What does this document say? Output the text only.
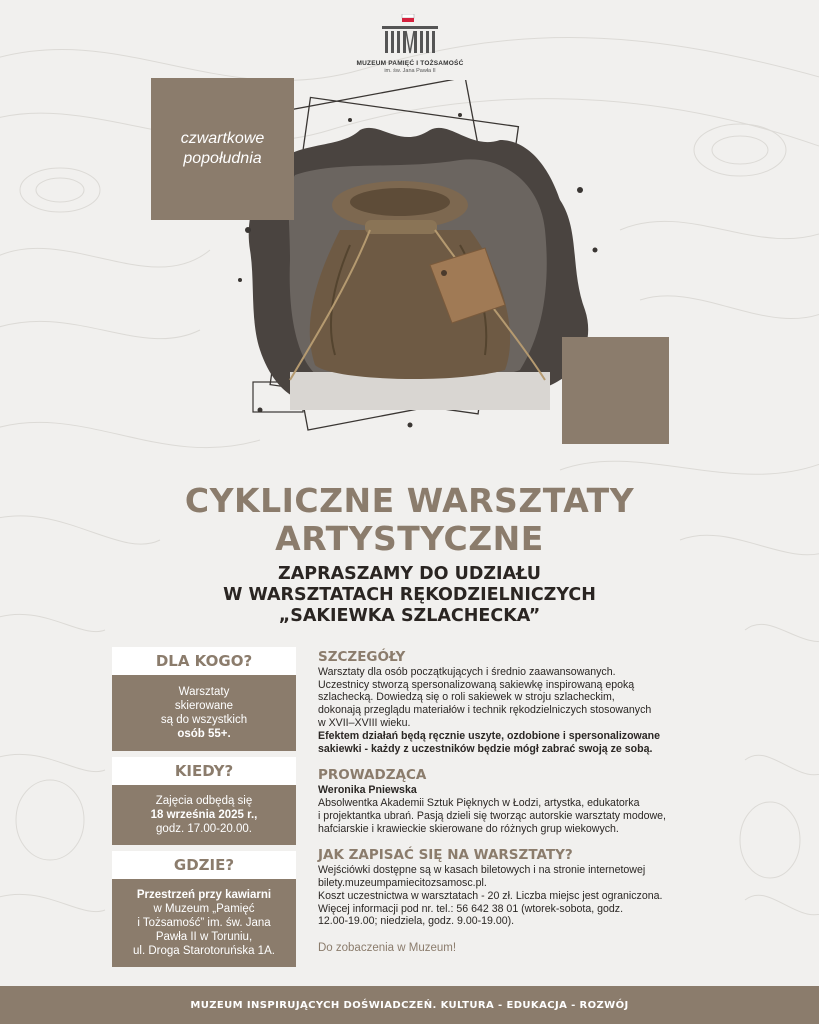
MUZEUM PAMIĘĆ I TOŻSAMOŚĆ
im. św. Jana Pawła II
czwartkowe
popołudnia
CYKLICZNE WARSZTATY
ARTYSTYCZNE
ZAPRASZAMY DO UDZIAŁU
W WARSZTATACH RĘKODZIELNICZYCH
„SAKIEWKA SZLACHECKA”
DLA KOGO?
Warsztaty
skierowane
są do wszystkich
osób 55+.
KIEDY?
Zajęcia odbędą się
18 września 2025 r.,
godz. 17.00-20.00.
GDZIE?
Przestrzeń przy kawiarni
w Muzeum „Pamięć
i Tożsamość” im. św. Jana
Pawła II w Toruniu,
ul. Droga Starotoruńska 1A.
SZCZEGÓŁY
Warsztaty dla osób początkujących i średnio zaawansowanych.
Uczestnicy stworzą spersonalizowaną sakiewkę inspirowaną epoką
szlachecką. Dowiedzą się o roli sakiewek w stroju szlacheckim,
dokonają przeglądu materiałów i technik rękodzielniczych stosowanych
w XVII–XVIII wieku.
Efektem działań będą ręcznie uszyte, ozdobione i spersonalizowane
sakiewki - każdy z uczestników będzie mógł zabrać swoją ze sobą.
PROWADZĄCA
Weronika Pniewska
Absolwentka Akademii Sztuk Pięknych w Łodzi, artystka, edukatorka
i projektantka ubrań. Pasją dzieli się tworząc autorskie warsztaty modowe,
hafciarskie i krawieckie skierowane do różnych grup wiekowych.
JAK ZAPISAĆ SIĘ NA WARSZTATY?
Wejściówki dostępne są w kasach biletowych i na stronie internetowej
bilety.muzeumpamiecitozsamosc.pl.
Koszt uczestnictwa w warsztatach - 20 zł. Liczba miejsc jest ograniczona.
Więcej informacji pod nr. tel.: 56 642 38 01 (wtorek-sobota, godz.
12.00-19.00; niedziela, godz. 9.00-19.00).
Do zobaczenia w Muzeum!
MUZEUM INSPIRUJĄCYCH DOŚWIADCZEŃ. KULTURA - EDUKACJA - ROZWÓJ
